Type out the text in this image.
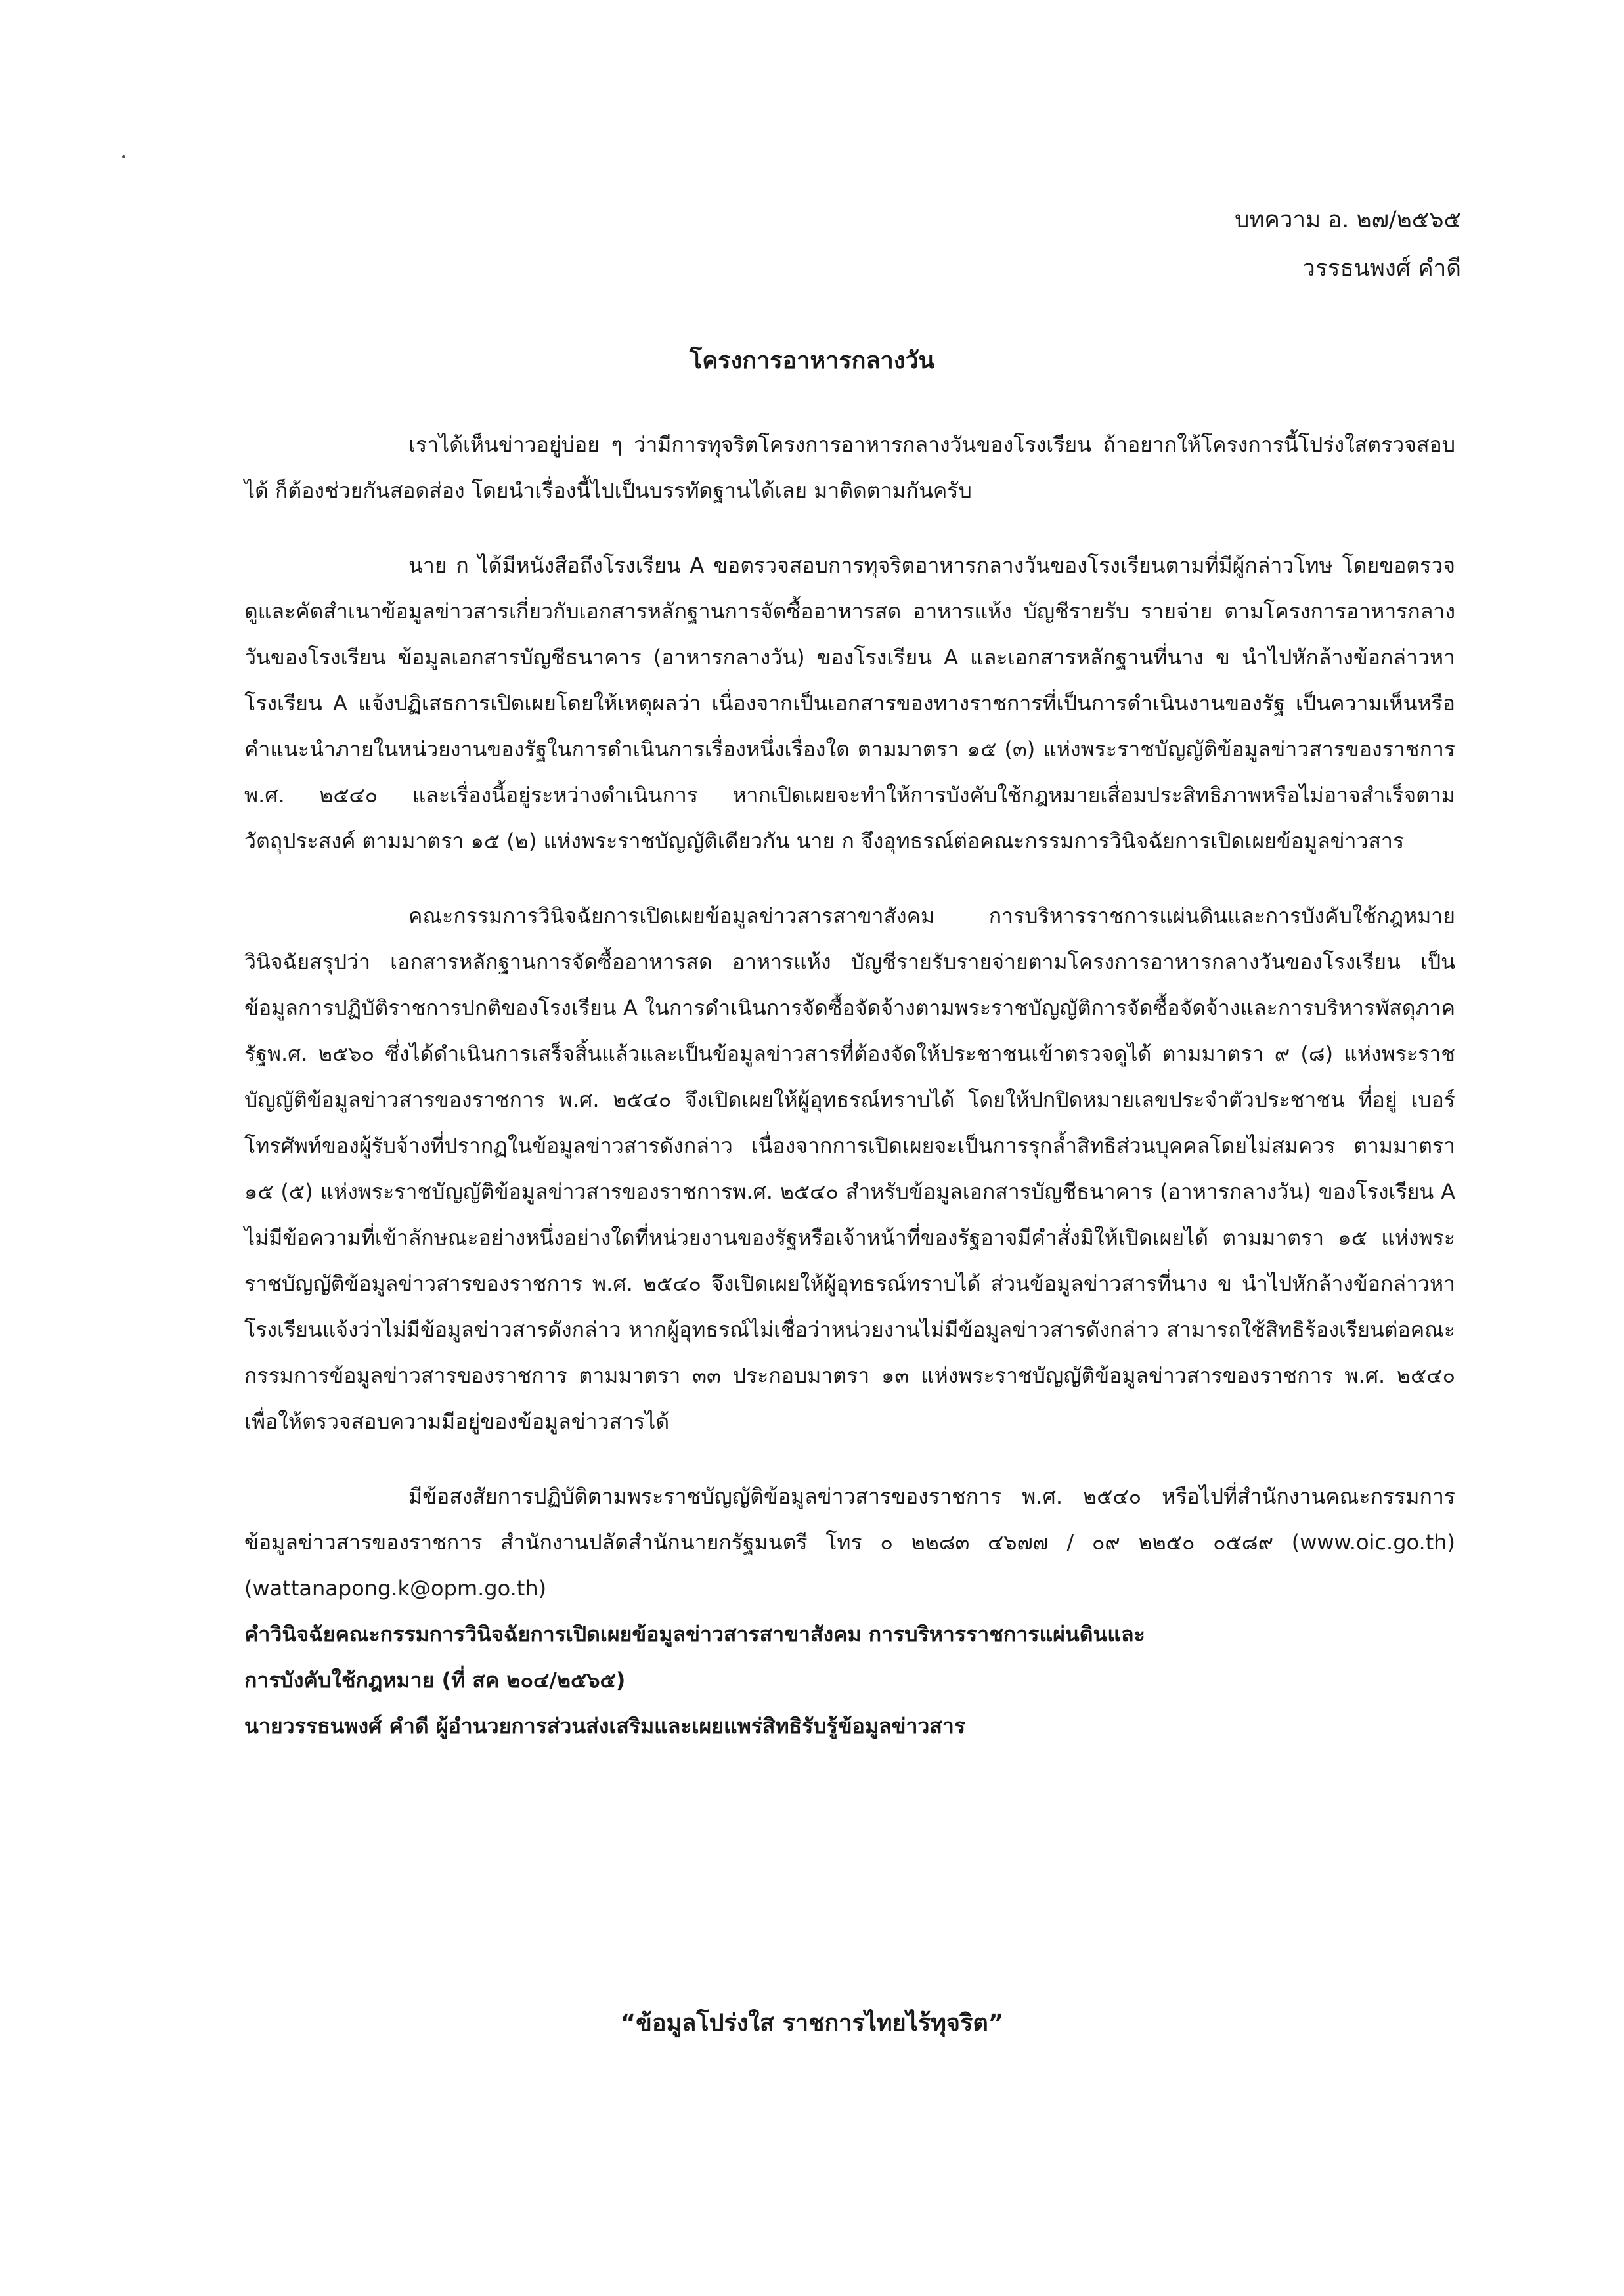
บทความ อ. ๒๗/๒๕๖๕
วรรธนพงศ์ คำดี
โครงการอาหารกลางวัน

เราได้เห็นข่าวอยู่บ่อย ๆ ว่ามีการทุจริตโครงการอาหารกลางวันของโรงเรียน ถ้าอยากให้โครงการนี้โปร่งใสตรวจสอบได้ ก็ต้องช่วยกันสอดส่อง โดยนำเรื่องนี้ไปเป็นบรรทัดฐานได้เลย มาติดตามกันครับ

นาย ก ได้มีหนังสือถึงโรงเรียน A ขอตรวจสอบการทุจริตอาหารกลางวันของโรงเรียนตามที่มีผู้กล่าวโทษ โดยขอตรวจดูและคัดสำเนาข้อมูลข่าวสารเกี่ยวกับเอกสารหลักฐานการจัดซื้ออาหารสด อาหารแห้ง บัญชีรายรับ รายจ่าย ตามโครงการอาหารกลางวันของโรงเรียน ข้อมูลเอกสารบัญชีธนาคาร (อาหารกลางวัน) ของโรงเรียน A และเอกสารหลักฐานที่นาง ข นำไปหักล้างข้อกล่าวหา โรงเรียน A แจ้งปฏิเสธการเปิดเผยโดยให้เหตุผลว่า เนื่องจากเป็นเอกสารของทางราชการที่เป็นการดำเนินงานของรัฐ เป็นความเห็นหรือคำแนะนำภายในหน่วยงานของรัฐในการดำเนินการเรื่องหนึ่งเรื่องใด ตามมาตรา ๑๕ (๓) แห่งพระราชบัญญัติข้อมูลข่าวสารของราชการ พ.ศ. ๒๕๔๐ และเรื่องนี้อยู่ระหว่างดำเนินการ หากเปิดเผยจะทำให้การบังคับใช้กฎหมายเสื่อมประสิทธิภาพหรือไม่อาจสำเร็จตามวัตถุประสงค์ ตามมาตรา ๑๕ (๒) แห่งพระราชบัญญัติเดียวกัน นาย ก จึงอุทธรณ์ต่อคณะกรรมการวินิจฉัยการเปิดเผยข้อมูลข่าวสาร

คณะกรรมการวินิจฉัยการเปิดเผยข้อมูลข่าวสารสาขาสังคม การบริหารราชการแผ่นดินและการบังคับใช้กฎหมาย วินิจฉัยสรุปว่า เอกสารหลักฐานการจัดซื้ออาหารสด อาหารแห้ง บัญชีรายรับรายจ่ายตามโครงการอาหารกลางวันของโรงเรียน เป็นข้อมูลการปฏิบัติราชการปกติของโรงเรียน A ในการดำเนินการจัดซื้อจัดจ้างตามพระราชบัญญัติการจัดซื้อจัดจ้างและการบริหารพัสดุภาครัฐพ.ศ. ๒๕๖๐ ซึ่งได้ดำเนินการเสร็จสิ้นแล้วและเป็นข้อมูลข่าวสารที่ต้องจัดให้ประชาชนเข้าตรวจดูได้ ตามมาตรา ๙ (๘) แห่งพระราชบัญญัติข้อมูลข่าวสารของราชการ พ.ศ. ๒๕๔๐ จึงเปิดเผยให้ผู้อุทธรณ์ทราบได้ โดยให้ปกปิดหมายเลขประจำตัวประชาชน ที่อยู่ เบอร์โทรศัพท์ของผู้รับจ้างที่ปรากฏในข้อมูลข่าวสารดังกล่าว เนื่องจากการเปิดเผยจะเป็นการรุกล้ำสิทธิส่วนบุคคลโดยไม่สมควร ตามมาตรา ๑๕ (๕) แห่งพระราชบัญญัติข้อมูลข่าวสารของราชการพ.ศ. ๒๕๔๐ สำหรับข้อมูลเอกสารบัญชีธนาคาร (อาหารกลางวัน) ของโรงเรียน A ไม่มีข้อความที่เข้าลักษณะอย่างหนึ่งอย่างใดที่หน่วยงานของรัฐหรือเจ้าหน้าที่ของรัฐอาจมีคำสั่งมิให้เปิดเผยได้ ตามมาตรา ๑๕ แห่งพระราชบัญญัติข้อมูลข่าวสารของราชการ พ.ศ. ๒๕๔๐ จึงเปิดเผยให้ผู้อุทธรณ์ทราบได้ ส่วนข้อมูลข่าวสารที่นาง ข นำไปหักล้างข้อกล่าวหา โรงเรียนแจ้งว่าไม่มีข้อมูลข่าวสารดังกล่าว หากผู้อุทธรณ์ไม่เชื่อว่าหน่วยงานไม่มีข้อมูลข่าวสารดังกล่าว สามารถใช้สิทธิร้องเรียนต่อคณะกรรมการข้อมูลข่าวสารของราชการ ตามมาตรา ๓๓ ประกอบมาตรา ๑๓ แห่งพระราชบัญญัติข้อมูลข่าวสารของราชการ พ.ศ. ๒๕๔๐ เพื่อให้ตรวจสอบความมีอยู่ของข้อมูลข่าวสารได้

มีข้อสงสัยการปฏิบัติตามพระราชบัญญัติข้อมูลข่าวสารของราชการ พ.ศ. ๒๕๔๐ หรือไปที่สำนักงานคณะกรรมการข้อมูลข่าวสารของราชการ สำนักงานปลัดสำนักนายกรัฐมนตรี โทร ๐ ๒๒๘๓ ๔๖๗๗ / ๐๙ ๒๒๕๐ ๐๕๘๙ (www.oic.go.th) (wattanapong.k@opm.go.th)

คำวินิจฉัยคณะกรรมการวินิจฉัยการเปิดเผยข้อมูลข่าวสารสาขาสังคม การบริหารราชการแผ่นดินและ
การบังคับใช้กฎหมาย (ที่ สค ๒๐๔/๒๕๖๕)
นายวรรธนพงศ์ คำดี ผู้อำนวยการส่วนส่งเสริมและเผยแพร่สิทธิรับรู้ข้อมูลข่าวสาร
“ข้อมูลโปร่งใส ราชการไทยไร้ทุจริต”
